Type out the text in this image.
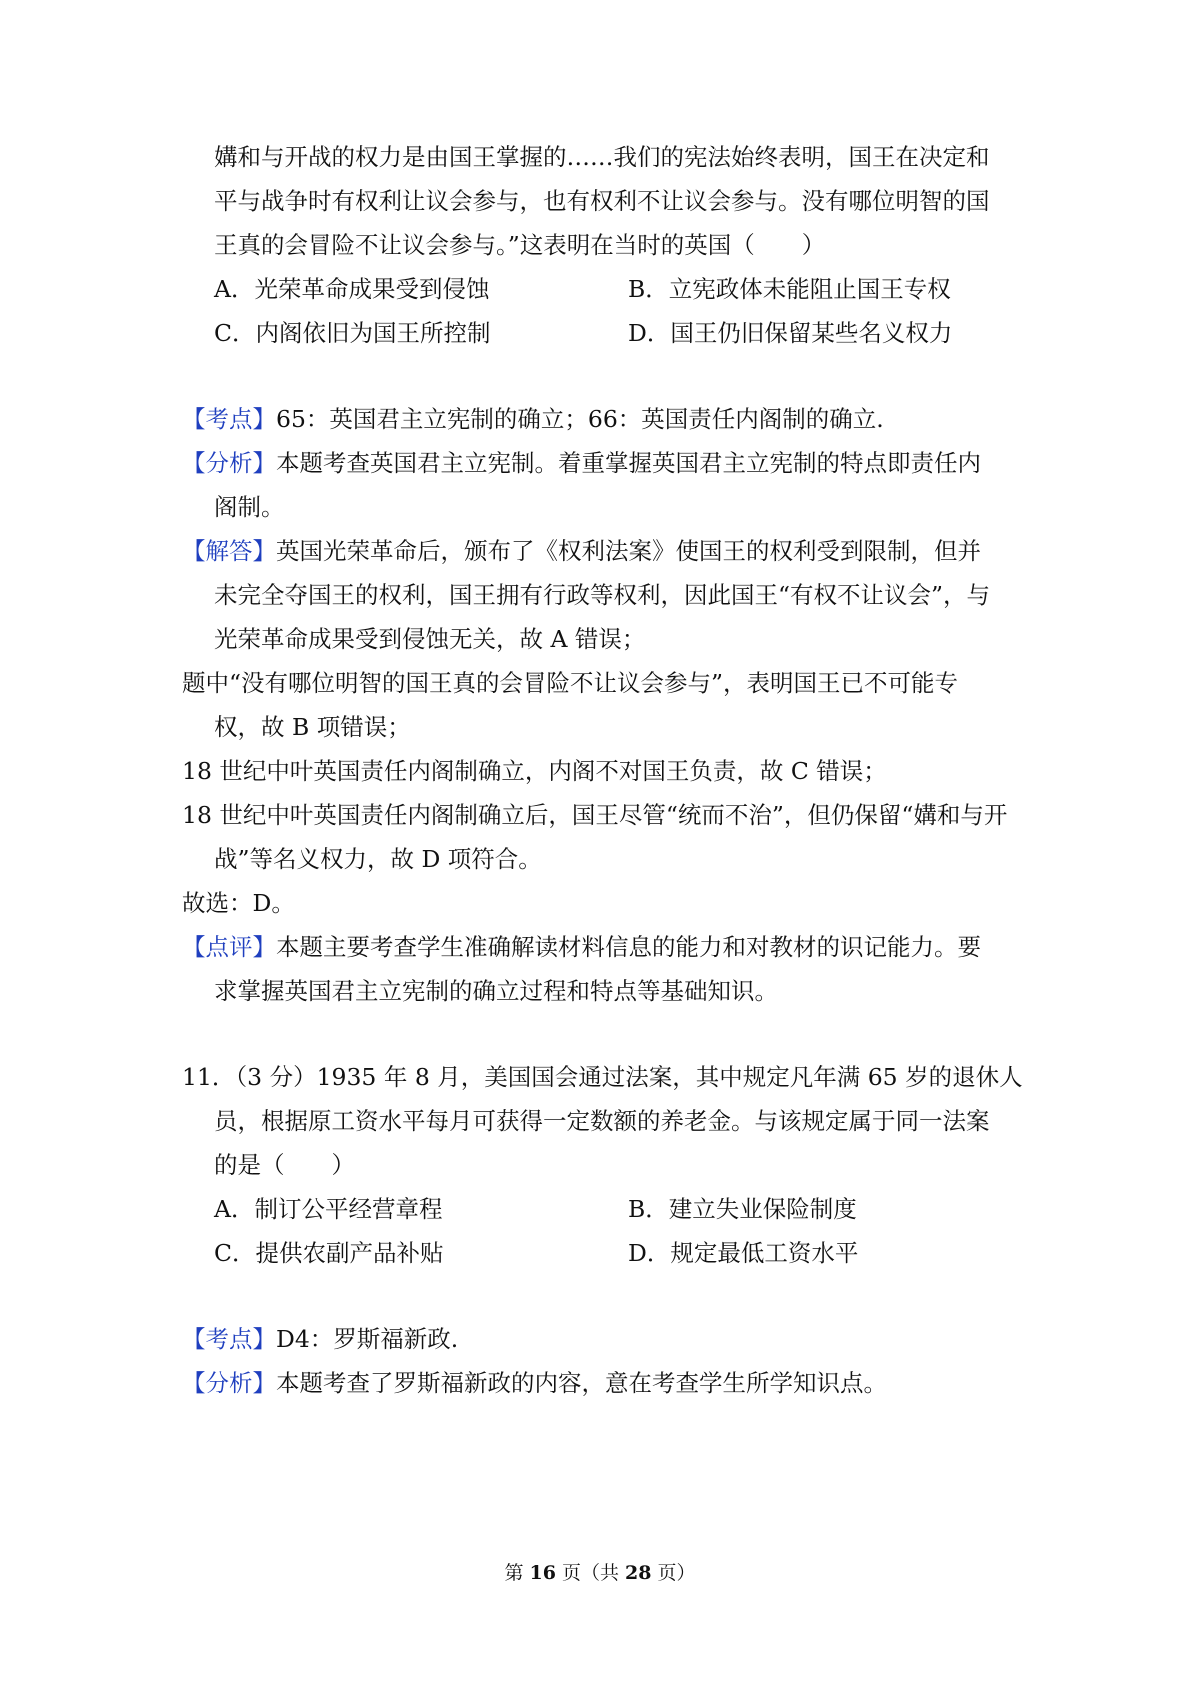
媾和与开战的权力是由国王掌握的……我们的宪法始终表明，国王在决定和
平与战争时有权利让议会参与，也有权利不让议会参与。没有哪位明智的国
王真的会冒险不让议会参与。”这表明在当时的英国（　　）
A．光荣革命成果受到侵蚀	B．立宪政体未能阻止国王专权
C．内阁依旧为国王所控制	D．国王仍旧保留某些名义权力
【考点】65：英国君主立宪制的确立；66：英国责任内阁制的确立.
【分析】本题考查英国君主立宪制。着重掌握英国君主立宪制的特点即责任内
阁制。
【解答】英国光荣革命后，颁布了《权利法案》使国王的权利受到限制，但并
未完全夺国王的权利，国王拥有行政等权利，因此国王“有权不让议会”，与
光荣革命成果受到侵蚀无关，故 A 错误；
题中“没有哪位明智的国王真的会冒险不让议会参与”，表明国王已不可能专
权，故 B 项错误；
18 世纪中叶英国责任内阁制确立，内阁不对国王负责，故 C 错误；
18 世纪中叶英国责任内阁制确立后，国王尽管“统而不治”，但仍保留“媾和与开
战”等名义权力，故 D 项符合。
故选：D。
【点评】本题主要考查学生准确解读材料信息的能力和对教材的识记能力。要
求掌握英国君主立宪制的确立过程和特点等基础知识。
11．（3 分）1935 年 8 月，美国国会通过法案，其中规定凡年满 65 岁的退休人
员，根据原工资水平每月可获得一定数额的养老金。与该规定属于同一法案
的是（　　）
A．制订公平经营章程	B．建立失业保险制度
C．提供农副产品补贴	D．规定最低工资水平
【考点】D4：罗斯福新政.
【分析】本题考查了罗斯福新政的内容，意在考查学生所学知识点。
第 16 页（共 28 页）
